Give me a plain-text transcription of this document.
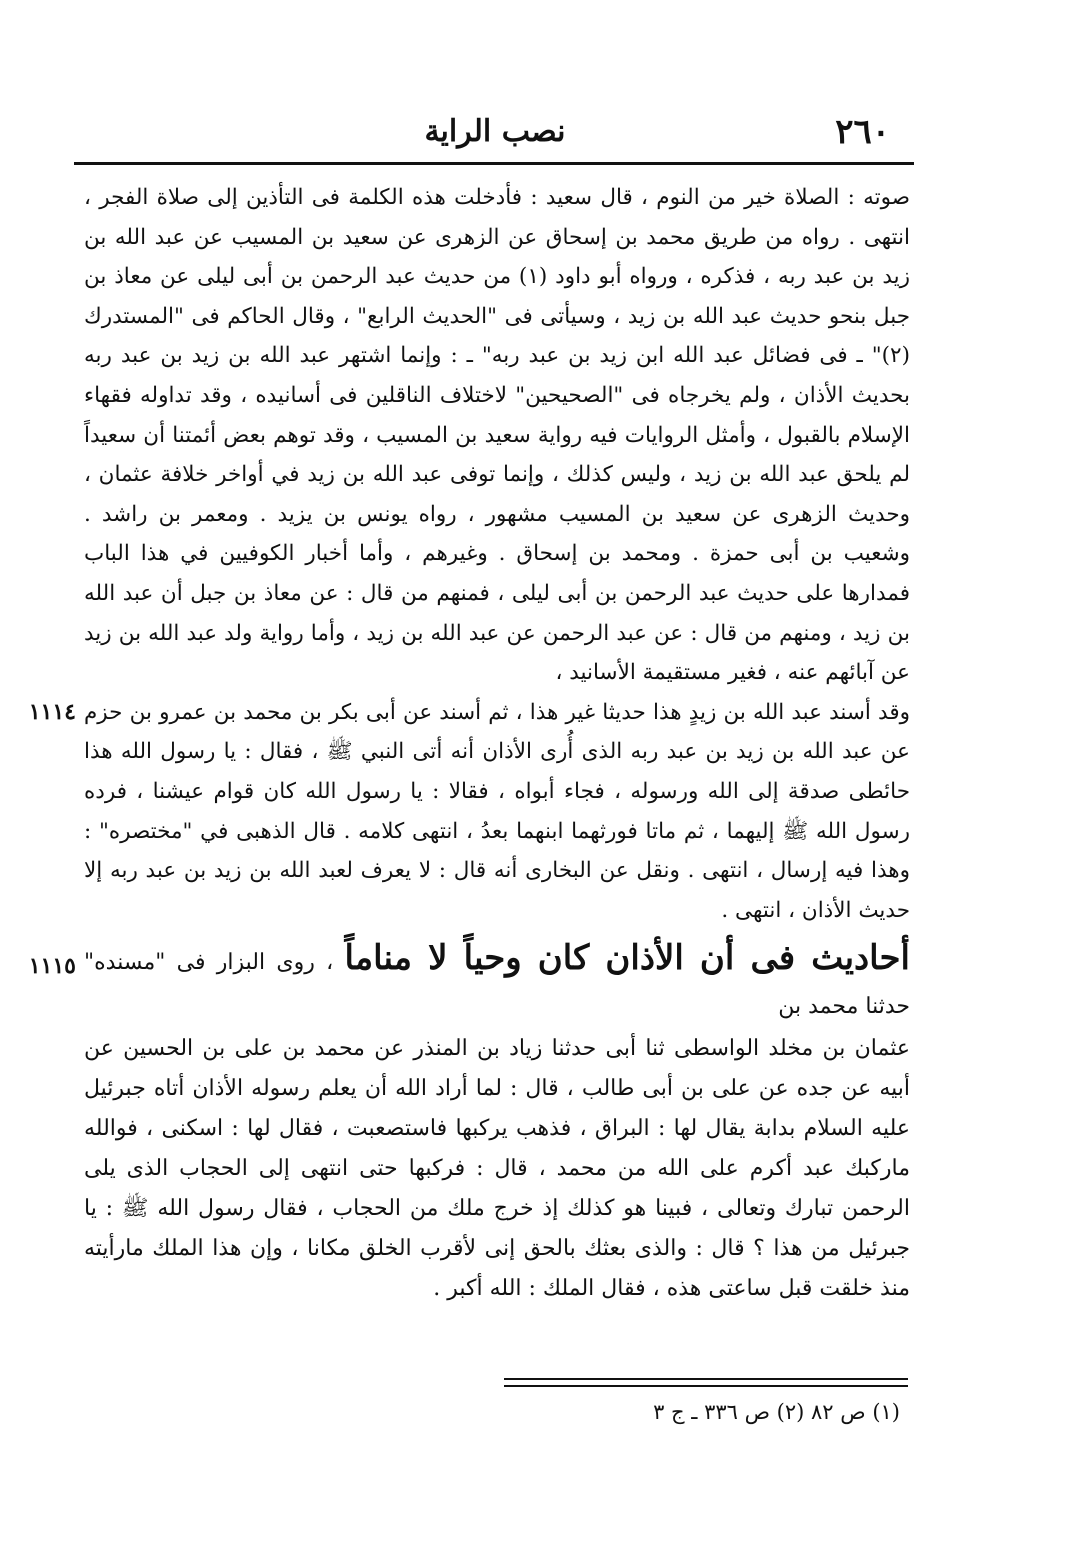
٢٦٠
نصب الراية

صوته : الصلاة خير من النوم ، قال سعيد : فأدخلت هذه الكلمة فى التأذين إلى صلاة الفجر ، انتهى . رواه من طريق محمد بن إسحاق عن الزهرى عن سعيد بن المسيب عن عبد الله بن زيد بن عبد ربه ، فذكره ، ورواه أبو داود (١) من حديث عبد الرحمن بن أبى ليلى عن معاذ بن جبل بنحو حديث عبد الله بن زيد ، وسيأتى فى "الحديث الرابع" ، وقال الحاكم فى "المستدرك (٢)" ـ فى فضائل عبد الله ابن زيد بن عبد ربه" ـ : وإنما اشتهر عبد الله بن زيد بن عبد ربه بحديث الأذان ، ولم يخرجاه فى "الصحيحين" لاختلاف الناقلين فى أسانيده ، وقد تداوله فقهاء الإسلام بالقبول ، وأمثل الروايات فيه رواية سعيد بن المسيب ، وقد توهم بعض أئمتنا أن سعيداً لم يلحق عبد الله بن زيد ، وليس كذلك ، وإنما توفى عبد الله بن زيد في أواخر خلافة عثمان ، وحديث الزهرى عن سعيد بن المسيب مشهور ، رواه يونس بن يزيد . ومعمر بن راشد . وشعيب بن أبى حمزة . ومحمد بن إسحاق . وغيرهم ، وأما أخبار الكوفيين في هذا الباب فمدارها على حديث عبد الرحمن بن أبى ليلى ، فمنهم من قال : عن معاذ بن جبل أن عبد الله بن زيد ، ومنهم من قال : عن عبد الرحمن عن عبد الله بن زيد ، وأما رواية ولد عبد الله بن زيد عن آبائهم عنه ، فغير مستقيمة الأسانيد ،

١١١٤ وقد أسند عبد الله بن زيدٍ هذا حديثا غير هذا ، ثم أسند عن أبى بكر بن محمد بن عمرو بن حزم عن عبد الله بن زيد بن عبد ربه الذى أُرى الأذان أنه أتى النبي ﷺ ، فقال : يا رسول الله هذا حائطى صدقة إلى الله ورسوله ، فجاء أبواه ، فقالا : يا رسول الله كان قوام عيشنا ، فرده رسول الله ﷺ إليهما ، ثم ماتا فورثهما ابنهما بعدُ ، انتهى كلامه . قال الذهبى في "مختصره" : وهذا فيه إرسال ، انتهى . ونقل عن البخارى أنه قال : لا يعرف لعبد الله بن زيد بن عبد ربه إلا حديث الأذان ، انتهى .

١١١٥	أحاديث فى أن الأذان كان وحياً لا مناماً ، روى البزار فى "مسنده" حدثنا محمد بن

عثمان بن مخلد الواسطى ثنا أبى حدثنا زياد بن المنذر عن محمد بن على بن الحسين عن أبيه عن جده عن على بن أبى طالب ، قال : لما أراد الله أن يعلم رسوله الأذان أتاه جبرئيل عليه السلام بدابة يقال لها : البراق ، فذهب يركبها فاستصعبت ، فقال لها : اسكنى ، فوالله ماركبك عبد أكرم على الله من محمد ، قال : فركبها حتى انتهى إلى الحجاب الذى يلى الرحمن تبارك وتعالى ، فبينا هو كذلك إذ خرج ملك من الحجاب ، فقال رسول الله ﷺ : يا جبرئيل من هذا ؟ قال : والذى بعثك بالحق إنى لأقرب الخلق مكانا ، وإن هذا الملك مارأيته منذ خلقت قبل ساعتى هذه ، فقال الملك : الله أكبر .

(١) ص ٨٢ (٢) ص ٣٣٦ ـ ج ٣
